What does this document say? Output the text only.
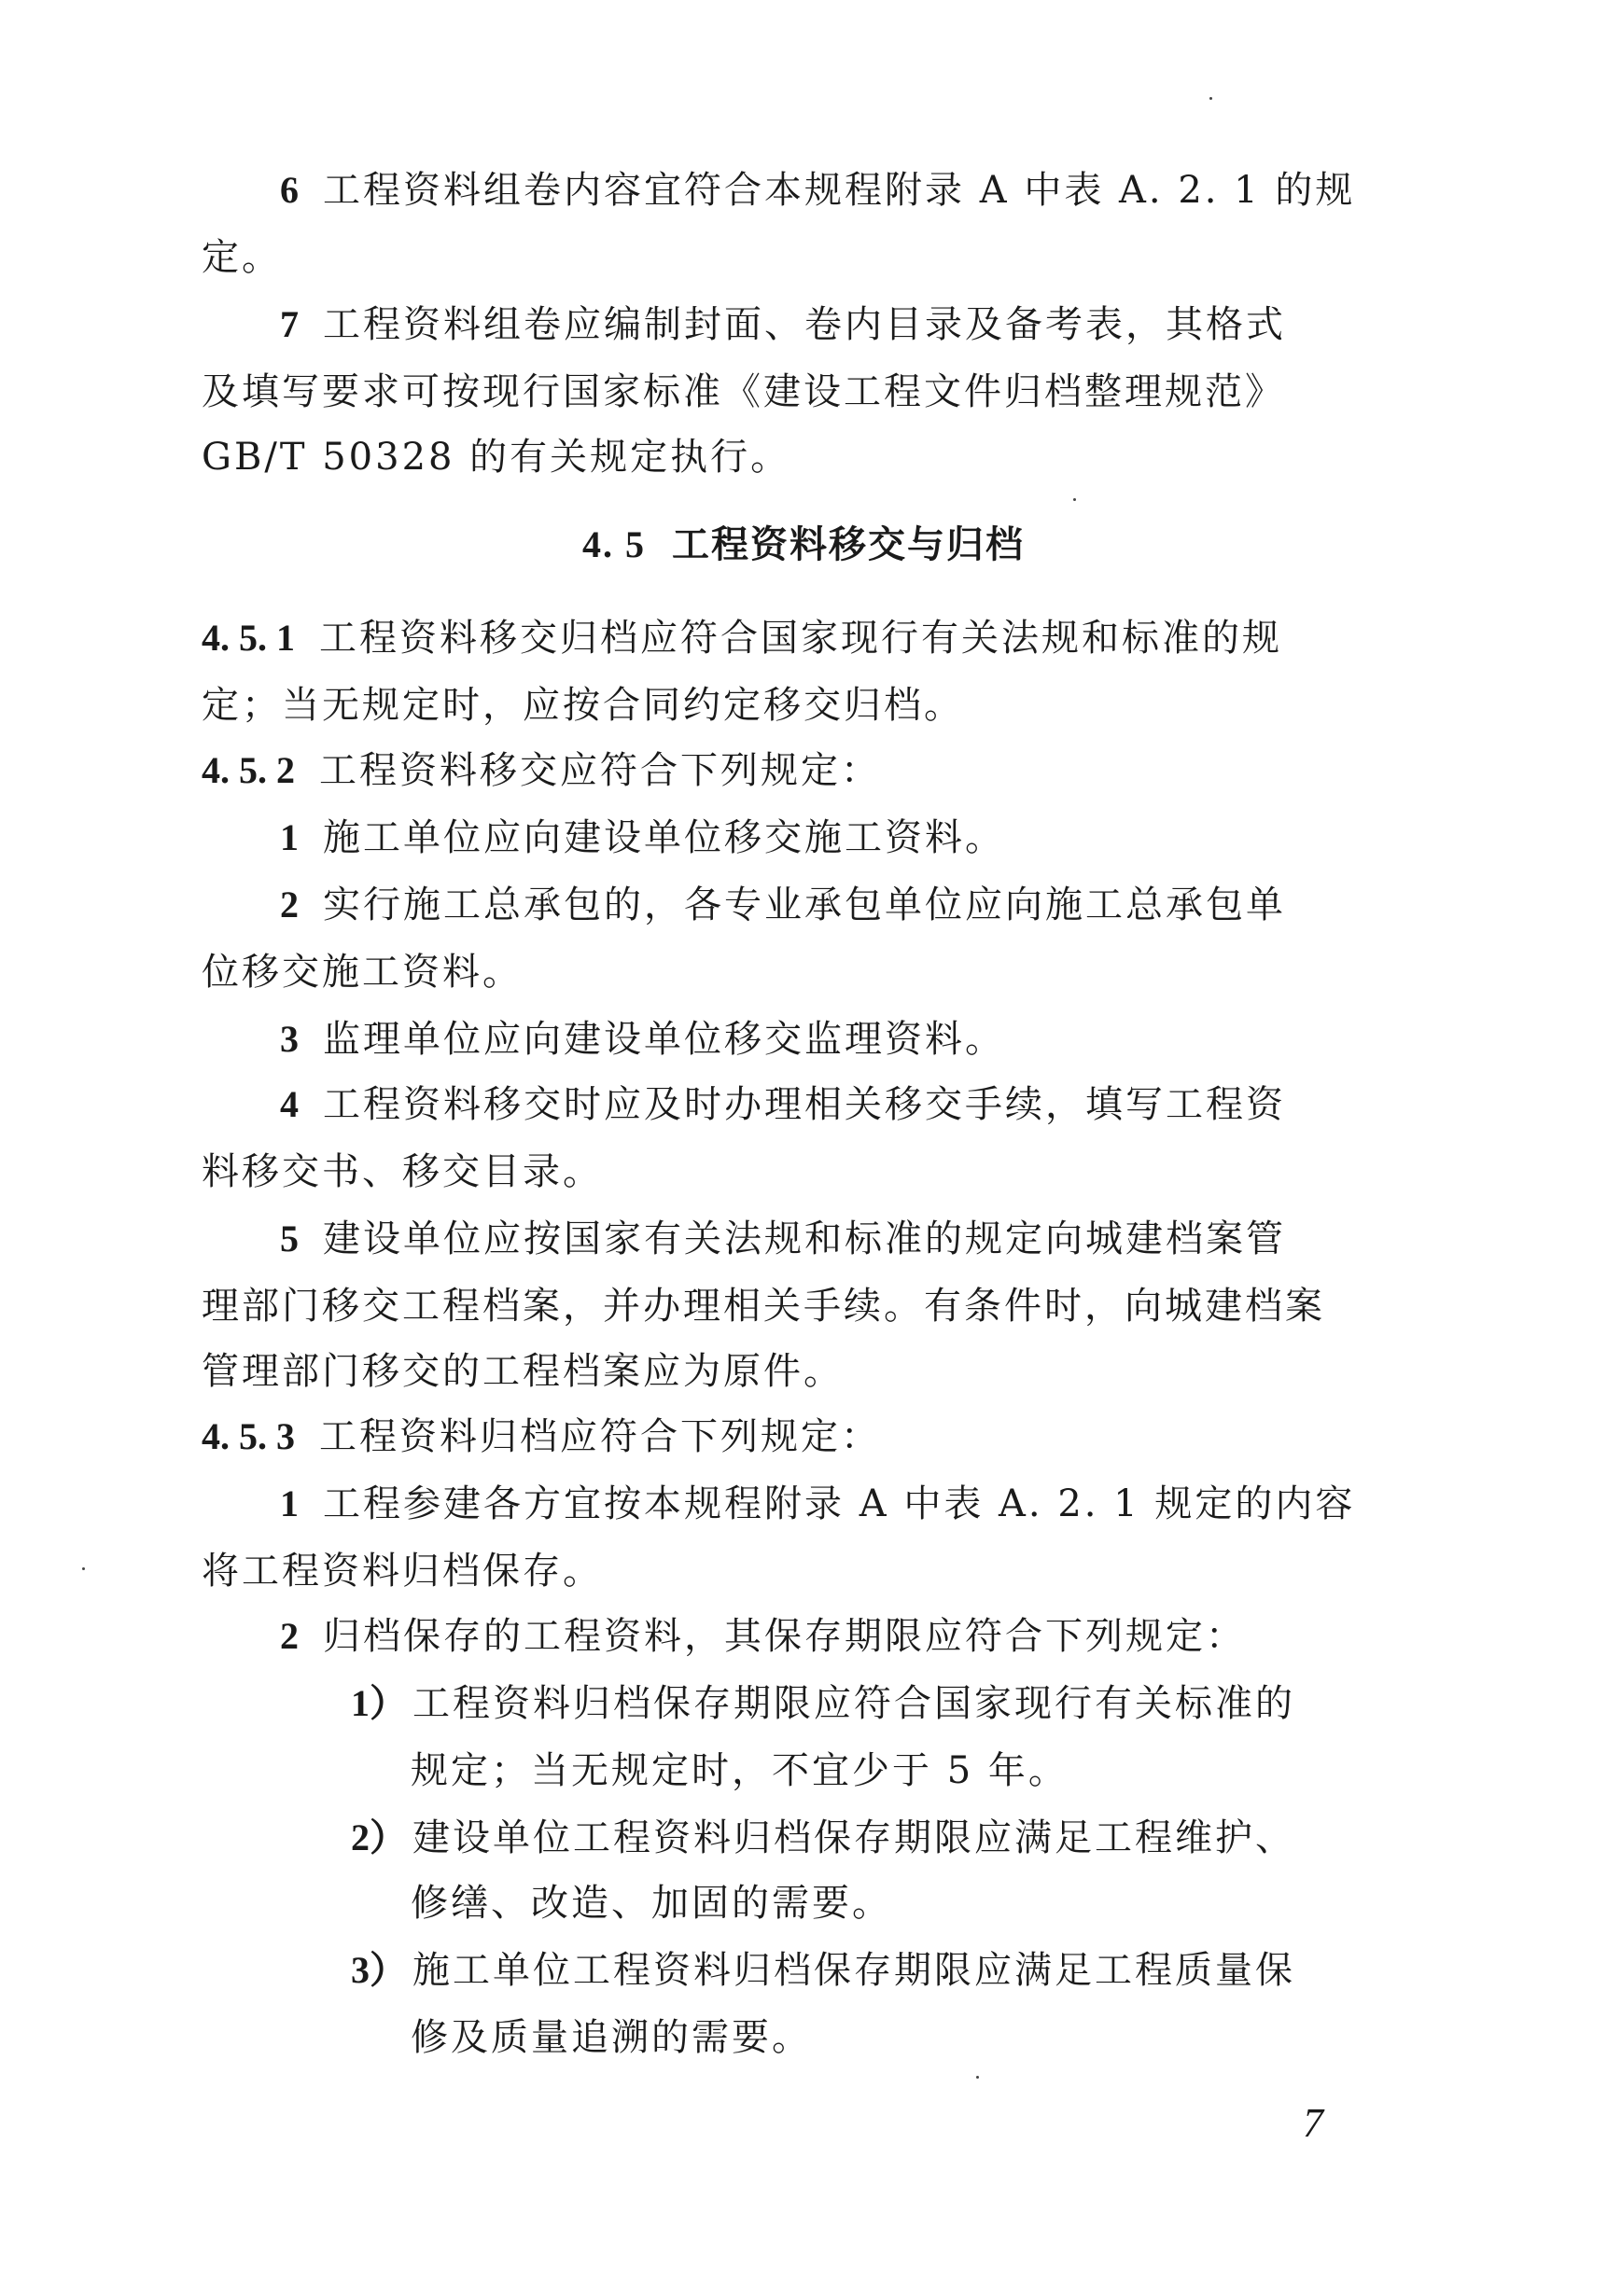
6 工程资料组卷内容宜符合本规程附录 A 中表 A. 2. 1 的规
定。
7 工程资料组卷应编制封面、卷内目录及备考表，其格式
及填写要求可按现行国家标准《建设工程文件归档整理规范》
GB/T 50328 的有关规定执行。
4. 5 工程资料移交与归档
4. 5. 1 工程资料移交归档应符合国家现行有关法规和标准的规
定；当无规定时，应按合同约定移交归档。
4. 5. 2 工程资料移交应符合下列规定：
1 施工单位应向建设单位移交施工资料。
2 实行施工总承包的，各专业承包单位应向施工总承包单
位移交施工资料。
3 监理单位应向建设单位移交监理资料。
4 工程资料移交时应及时办理相关移交手续，填写工程资
料移交书、移交目录。
5 建设单位应按国家有关法规和标准的规定向城建档案管
理部门移交工程档案，并办理相关手续。有条件时，向城建档案
管理部门移交的工程档案应为原件。
4. 5. 3 工程资料归档应符合下列规定：
1 工程参建各方宜按本规程附录 A 中表 A. 2. 1 规定的内容
将工程资料归档保存。
2 归档保存的工程资料，其保存期限应符合下列规定：
1） 工程资料归档保存期限应符合国家现行有关标准的
规定；当无规定时，不宜少于 5 年。
2） 建设单位工程资料归档保存期限应满足工程维护、
修缮、改造、加固的需要。
3） 施工单位工程资料归档保存期限应满足工程质量保
修及质量追溯的需要。
7
